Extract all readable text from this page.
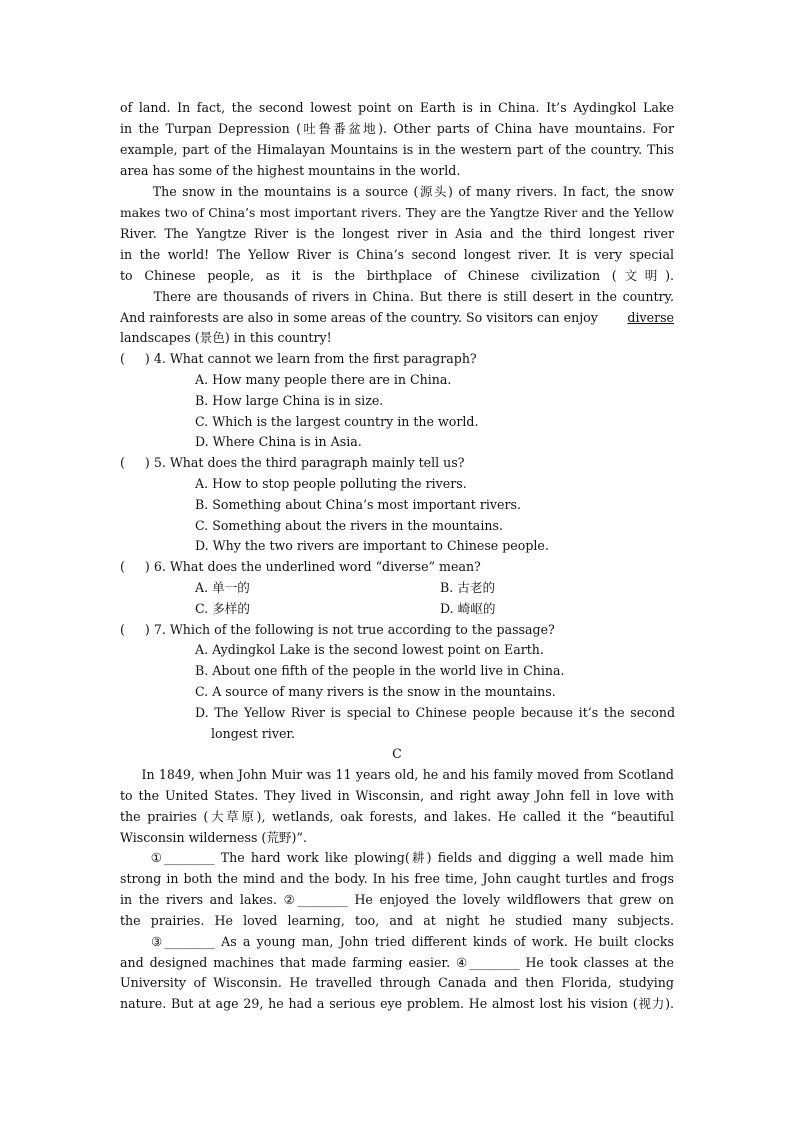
of land. In fact, the second lowest point on Earth is in China. It’s Aydingkol Lake
in the Turpan Depression (吐鲁番盆地). Other parts of China have mountains. For
example, part of the Himalayan Mountains is in the western part of the country. This
area has some of the highest mountains in the world.
The snow in the mountains is a source (源头) of many rivers. In fact, the snow
makes two of China’s most important rivers. They are the Yangtze River and the Yellow
River. The Yangtze River is the longest river in Asia and the third longest river
in the world! The Yellow River is China’s second longest river. It is very special
to Chinese people, as it is the birthplace of Chinese civilization (文明).
There are thousands of rivers in China. But there is still desert in the country.
And rainforests are also in some areas of the country. So visitors can enjoy diverse
landscapes (景色) in this country!
(     ) 4. What cannot we learn from the first paragraph?
A. How many people there are in China.
B. How large China is in size.
C. Which is the largest country in the world.
D. Where China is in Asia.
(     ) 5. What does the third paragraph mainly tell us?
A. How to stop people polluting the rivers.
B. Something about China’s most important rivers.
C. Something about the rivers in the mountains.
D. Why the two rivers are important to Chinese people.
(     ) 6. What does the underlined word “diverse” mean?
A. 单一的	B. 古老的
C. 多样的	D. 崎岖的
(     ) 7. Which of the following is not true according to the passage?
A. Aydingkol Lake is the second lowest point on Earth.
B. About one fifth of the people in the world live in China.
C. A source of many rivers is the snow in the mountains.
D. The Yellow River is special to Chinese people because it’s the second
longest river.
C
In 1849, when John Muir was 11 years old, he and his family moved from Scotland
to the United States. They lived in Wisconsin, and right away John fell in love with
the prairies (大草原), wetlands, oak forests, and lakes. He called it the “beautiful
Wisconsin wilderness (荒野)”.
①________ The hard work like plowing(耕) fields and digging a well made him
strong in both the mind and the body. In his free time, John caught turtles and frogs
in the rivers and lakes. ②________ He enjoyed the lovely wildflowers that grew on
the prairies. He loved learning, too, and at night he studied many subjects.
③________ As a young man, John tried different kinds of work. He built clocks
and designed machines that made farming easier. ④________ He took classes at the
University of Wisconsin. He travelled through Canada and then Florida, studying
nature. But at age 29, he had a serious eye problem. He almost lost his vision (视力).
